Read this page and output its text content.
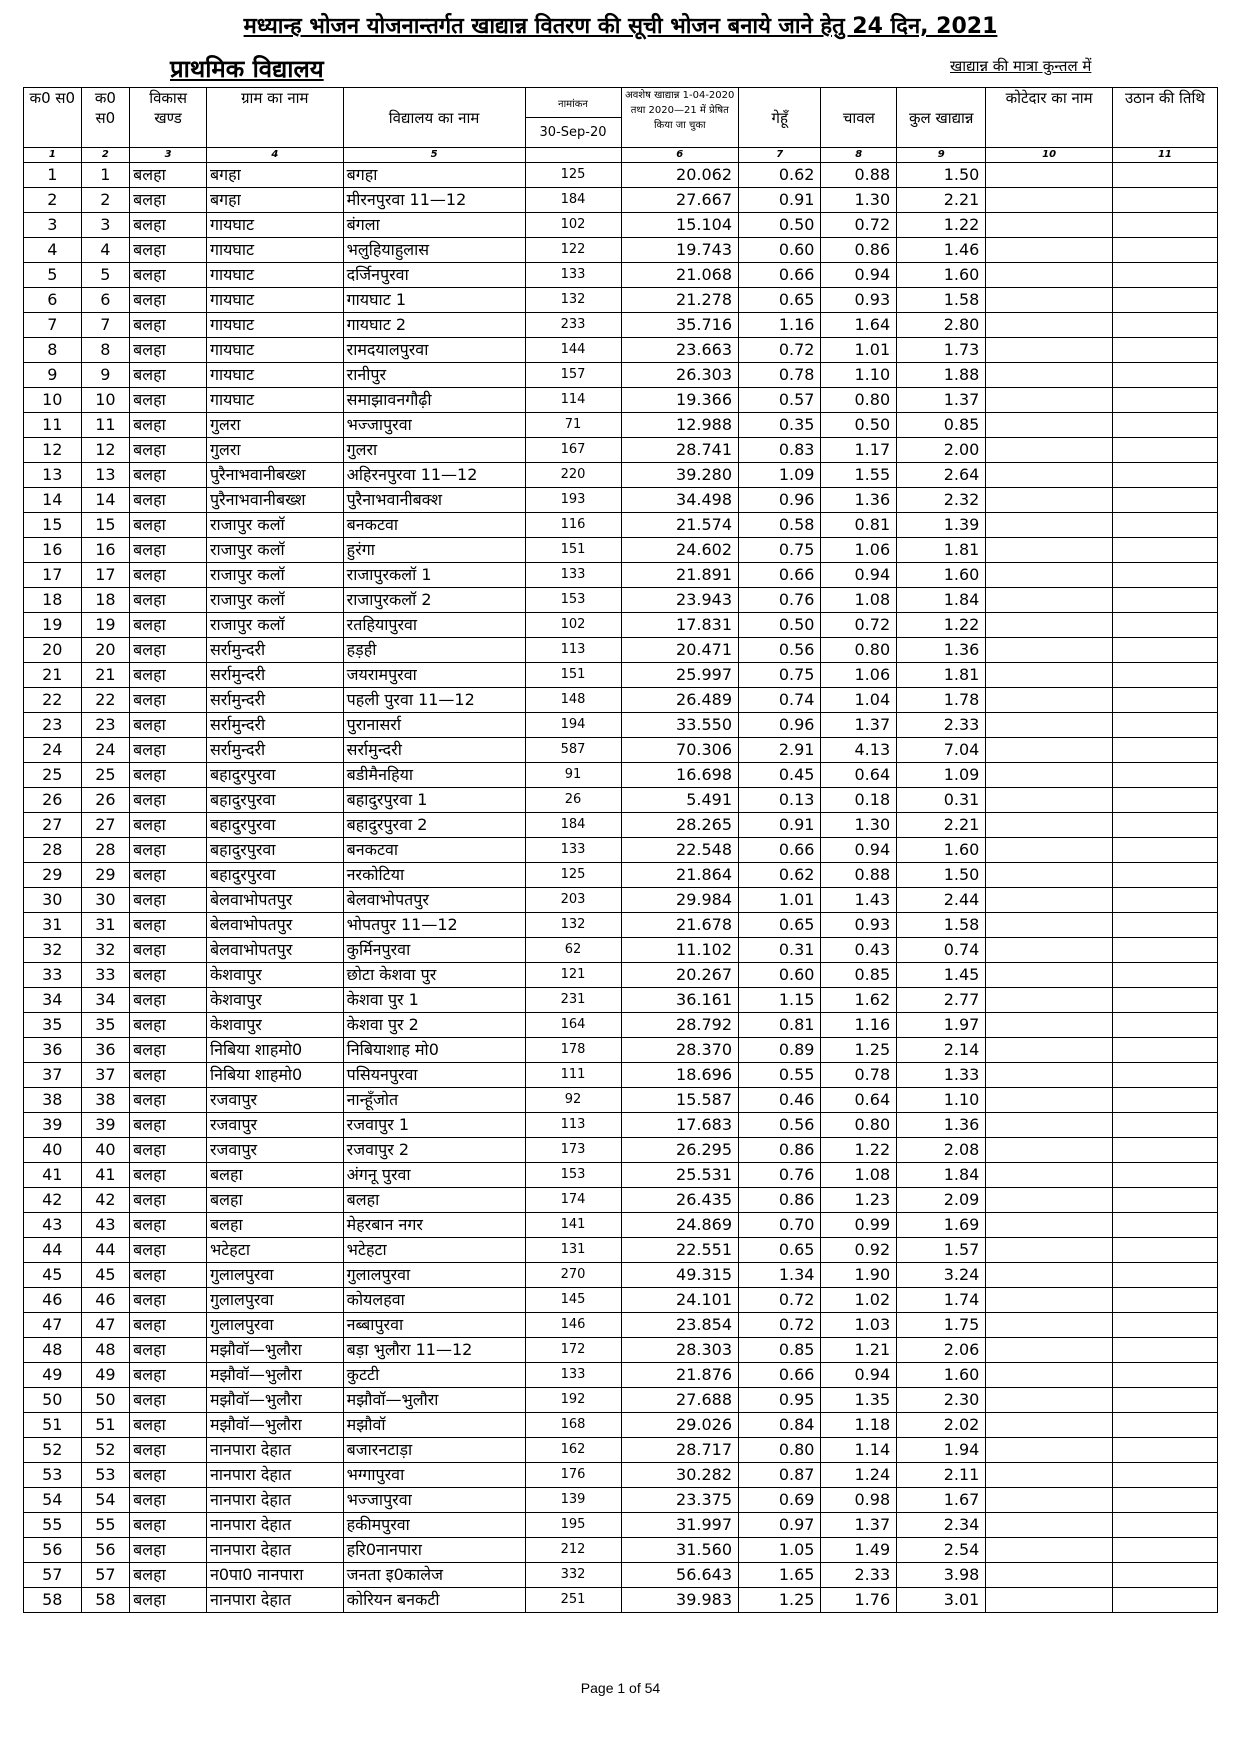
मध्यान्ह भोजन योजनान्तर्गत खाद्यान्न वितरण की सूची भोजन बनाये जाने हेतु 24 दिन, 2021
प्राथमिक विद्यालय	खाद्यान्न की मात्रा कुन्तल में
क0 स0	क0 स0	विकास खण्ड	ग्राम का नाम	विद्यालय का नाम	नामांकन	अवशेष खाद्यान्न 1-04-2020 तथा 2020—21 में प्रेषित किया जा चुका	गेहूँ	चावल	कुल खाद्यान्न	कोटेदार का नाम	उठान की तिथि
					30-Sep-20						
1	2	3	4	5		6	7	8	9	10	11
1	1	बलहा	बगहा	बगहा	125	20.062	0.62	0.88	1.50		
2	2	बलहा	बगहा	मीरनपुरवा 11—12	184	27.667	0.91	1.30	2.21		
3	3	बलहा	गायघाट	बंगला	102	15.104	0.50	0.72	1.22		
4	4	बलहा	गायघाट	भलुहियाहुलास	122	19.743	0.60	0.86	1.46		
5	5	बलहा	गायघाट	दर्जिनपुरवा	133	21.068	0.66	0.94	1.60		
6	6	बलहा	गायघाट	गायघाट 1	132	21.278	0.65	0.93	1.58		
7	7	बलहा	गायघाट	गायघाट 2	233	35.716	1.16	1.64	2.80		
8	8	बलहा	गायघाट	रामदयालपुरवा	144	23.663	0.72	1.01	1.73		
9	9	बलहा	गायघाट	रानीपुर	157	26.303	0.78	1.10	1.88		
10	10	बलहा	गायघाट	समाझावनगौढ़ी	114	19.366	0.57	0.80	1.37		
11	11	बलहा	गुलरा	भज्जापुरवा	71	12.988	0.35	0.50	0.85		
12	12	बलहा	गुलरा	गुलरा	167	28.741	0.83	1.17	2.00		
13	13	बलहा	पुरैनाभवानीबख्श	अहिरनपुरवा 11—12	220	39.280	1.09	1.55	2.64		
14	14	बलहा	पुरैनाभवानीबख्श	पुरैनाभवानीबक्श	193	34.498	0.96	1.36	2.32		
15	15	बलहा	राजापुर कलॉ	बनकटवा	116	21.574	0.58	0.81	1.39		
16	16	बलहा	राजापुर कलॉ	हुरंगा	151	24.602	0.75	1.06	1.81		
17	17	बलहा	राजापुर कलॉ	राजापुरकलॉ 1	133	21.891	0.66	0.94	1.60		
18	18	बलहा	राजापुर कलॉ	राजापुरकलॉ 2	153	23.943	0.76	1.08	1.84		
19	19	बलहा	राजापुर कलॉ	रतहियापुरवा	102	17.831	0.50	0.72	1.22		
20	20	बलहा	सर्रामुन्दरी	हड़ही	113	20.471	0.56	0.80	1.36		
21	21	बलहा	सर्रामुन्दरी	जयरामपुरवा	151	25.997	0.75	1.06	1.81		
22	22	बलहा	सर्रामुन्दरी	पहली पुरवा 11—12	148	26.489	0.74	1.04	1.78		
23	23	बलहा	सर्रामुन्दरी	पुरानासर्रा	194	33.550	0.96	1.37	2.33		
24	24	बलहा	सर्रामुन्दरी	सर्रामुन्दरी	587	70.306	2.91	4.13	7.04		
25	25	बलहा	बहादुरपुरवा	बडीमैनहिया	91	16.698	0.45	0.64	1.09		
26	26	बलहा	बहादुरपुरवा	बहादुरपुरवा 1	26	5.491	0.13	0.18	0.31		
27	27	बलहा	बहादुरपुरवा	बहादुरपुरवा 2	184	28.265	0.91	1.30	2.21		
28	28	बलहा	बहादुरपुरवा	बनकटवा	133	22.548	0.66	0.94	1.60		
29	29	बलहा	बहादुरपुरवा	नरकोटिया	125	21.864	0.62	0.88	1.50		
30	30	बलहा	बेलवाभोपतपुर	बेलवाभोपतपुर	203	29.984	1.01	1.43	2.44		
31	31	बलहा	बेलवाभोपतपुर	भोपतपुर 11—12	132	21.678	0.65	0.93	1.58		
32	32	बलहा	बेलवाभोपतपुर	कुर्मिनपुरवा	62	11.102	0.31	0.43	0.74		
33	33	बलहा	केशवापुर	छोटा केशवा पुर	121	20.267	0.60	0.85	1.45		
34	34	बलहा	केशवापुर	केशवा पुर 1	231	36.161	1.15	1.62	2.77		
35	35	बलहा	केशवापुर	केशवा पुर 2	164	28.792	0.81	1.16	1.97		
36	36	बलहा	निबिया शाहमो0	निबियाशाह मो0	178	28.370	0.89	1.25	2.14		
37	37	बलहा	निबिया शाहमो0	पसियनपुरवा	111	18.696	0.55	0.78	1.33		
38	38	बलहा	रजवापुर	नान्हूँजोत	92	15.587	0.46	0.64	1.10		
39	39	बलहा	रजवापुर	रजवापुर 1	113	17.683	0.56	0.80	1.36		
40	40	बलहा	रजवापुर	रजवापुर 2	173	26.295	0.86	1.22	2.08		
41	41	बलहा	बलहा	अंगनू पुरवा	153	25.531	0.76	1.08	1.84		
42	42	बलहा	बलहा	बलहा	174	26.435	0.86	1.23	2.09		
43	43	बलहा	बलहा	मेहरबान नगर	141	24.869	0.70	0.99	1.69		
44	44	बलहा	भटेहटा	भटेहटा	131	22.551	0.65	0.92	1.57		
45	45	बलहा	गुलालपुरवा	गुलालपुरवा	270	49.315	1.34	1.90	3.24		
46	46	बलहा	गुलालपुरवा	कोयलहवा	145	24.101	0.72	1.02	1.74		
47	47	बलहा	गुलालपुरवा	नब्बापुरवा	146	23.854	0.72	1.03	1.75		
48	48	बलहा	मझौवॉ—भुलौरा	बड़ा भुलौरा 11—12	172	28.303	0.85	1.21	2.06		
49	49	बलहा	मझौवॉ—भुलौरा	कुटटी	133	21.876	0.66	0.94	1.60		
50	50	बलहा	मझौवॉ—भुलौरा	मझौवॉ—भुलौरा	192	27.688	0.95	1.35	2.30		
51	51	बलहा	मझौवॉ—भुलौरा	मझौवॉ	168	29.026	0.84	1.18	2.02		
52	52	बलहा	नानपारा देहात	बजारनटाड़ा	162	28.717	0.80	1.14	1.94		
53	53	बलहा	नानपारा देहात	भग्गापुरवा	176	30.282	0.87	1.24	2.11		
54	54	बलहा	नानपारा देहात	भज्जापुरवा	139	23.375	0.69	0.98	1.67		
55	55	बलहा	नानपारा देहात	हकीमपुरवा	195	31.997	0.97	1.37	2.34		
56	56	बलहा	नानपारा देहात	हरि0नानपारा	212	31.560	1.05	1.49	2.54		
57	57	बलहा	न0पा0 नानपारा	जनता इ0कालेज	332	56.643	1.65	2.33	3.98		
58	58	बलहा	नानपारा देहात	कोरियन बनकटी	251	39.983	1.25	1.76	3.01		
Page 1 of 54
